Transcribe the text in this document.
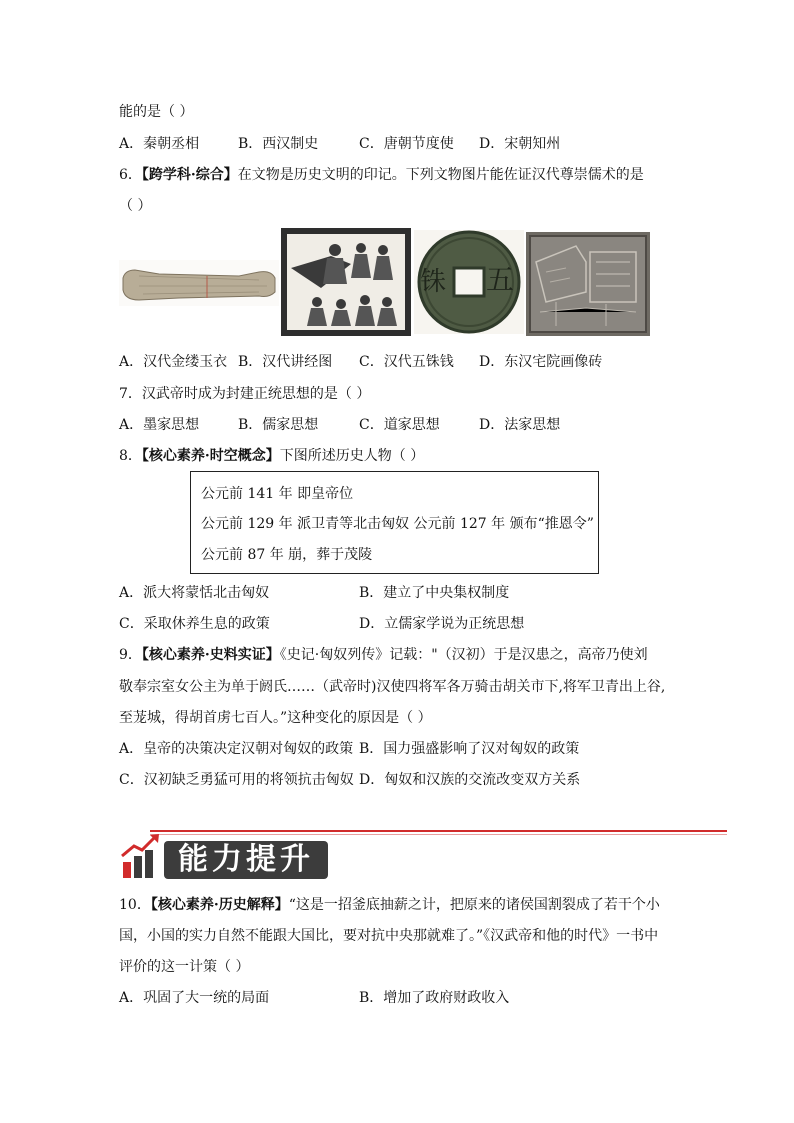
能的是（ ）
A．秦朝丞相	B．西汉制史	C．唐朝节度使 D．宋朝知州
6．【跨学科·综合】在文物是历史文明的印记。下列文物图片能佐证汉代尊崇儒术的是
（ ）
五
铢
A．汉代金缕玉衣 B．汉代讲经图 C．汉代五铢钱 D．东汉宅院画像砖
7．汉武帝时成为封建正统思想的是（ ）
A．墨家思想	B．儒家思想	C．道家思想	D．法家思想
8．【核心素养·时空概念】下图所述历史人物（ ）
公元前 141 年 即皇帝位
公元前 129 年 派卫青等北击匈奴 公元前 127 年 颁布“推恩令”
公元前 87 年 崩，葬于茂陵
A．派大将蒙恬北击匈奴	B．建立了中央集权制度
C．采取休养生息的政策	D．立儒家学说为正统思想
9．【核心素养·史料实证】《史记·匈奴列传》记载："（汉初）于是汉患之，高帝乃使刘
敬奉宗室女公主为单于阏氏……（武帝时)汉使四将军各万骑击胡关市下,将军卫青出上谷,
至茏城，得胡首虏七百人。”这种变化的原因是（ ）
A．皇帝的决策决定汉朝对匈奴的政策 B．国力强盛影响了汉对匈奴的政策
C．汉初缺乏勇猛可用的将领抗击匈奴 D．匈奴和汉族的交流改变双方关系
能力提升
10．【核心素养·历史解释】“这是一招釜底抽薪之计，把原来的诸侯国割裂成了若干个小
国，小国的实力自然不能跟大国比，要对抗中央那就难了。”《汉武帝和他的时代》一书中
评价的这一计策（ ）
A．巩固了大一统的局面	B．增加了政府财政收入
